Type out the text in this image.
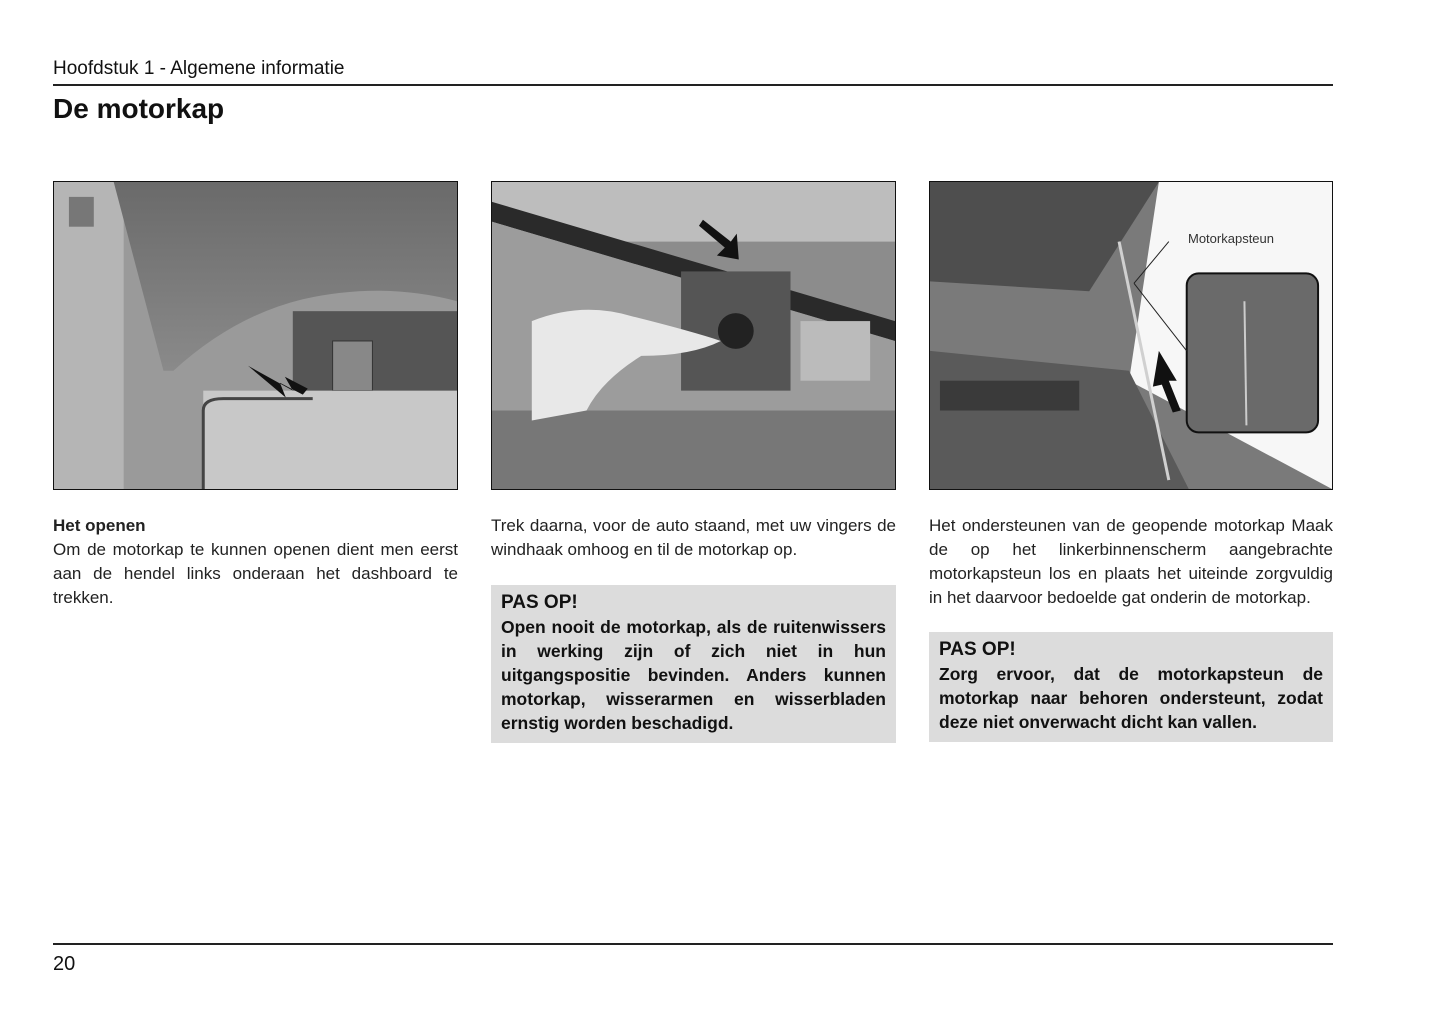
Hoofdstuk 1 - Algemene informatie
De motorkap
Motorkapsteun
Het openen

Om de motorkap te kunnen openen dient men eerst aan de hendel links onderaan het dashboard te trekken.

Trek daarna, voor de auto staand, met uw vingers de windhaak omhoog en til de motorkap op.

PAS OP!
Open nooit de motorkap, als de ruitenwissers in werking zijn of zich niet in hun uitgangspositie bevinden. Anders kunnen motorkap, wisserarmen en wisserbladen ernstig worden beschadigd.

Het ondersteunen van de geopende motorkap Maak de op het linkerbinnenscherm aangebrachte motorkapsteun los en plaats het uiteinde zorgvuldig in het daarvoor bedoelde gat onderin de motorkap.

PAS OP!
Zorg ervoor, dat de motorkapsteun de motorkap naar behoren ondersteunt, zodat deze niet onverwacht dicht kan vallen.
20
